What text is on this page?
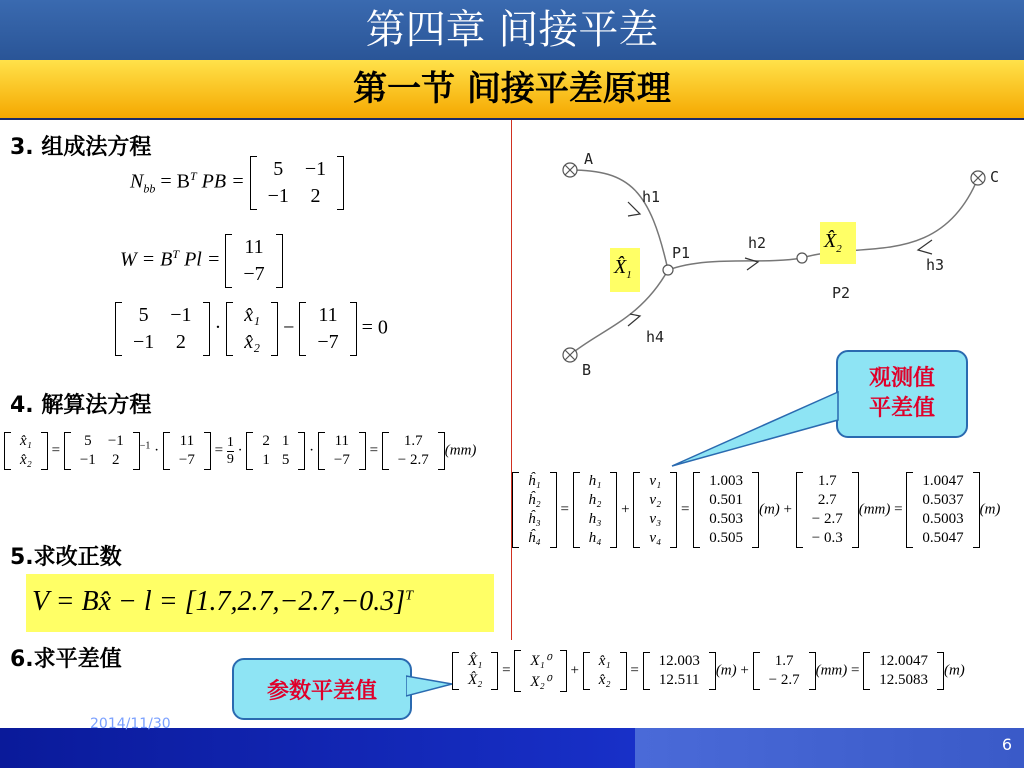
第四章 间接平差
第一节 间接平差原理
3. 组成法方程
$N_{bb} = B^T$ PB =
5	−1
−1	2
$W = B^T$ Pl =
11
−7
5	−1
−1	2
·
x̂₁
x̂₂
−
11
−7
= 0
4. 解算法方程
x̂₁
x̂₂
=
5	−1
−1	2
$^{-1}$ ·
11
−7
= $\frac{1}{9}$ ·
2	1
1	5
·
11
−7
=
1.7
− 2.7
(mm)
5.求改正数
V = Bx̂ − $l = [1.7,2.7,-2.7,-0.3]^T$
6.求平差值
参数平差值
X̂₁
X̂₂
=
X₁⁰
X₂⁰
+
x̂₁
x̂₂
=
12.003
12.511
(m) +
1.7
− 2.7
(mm) =
12.0047
12.5083
(m)
A
B
C
P1
P2
h1
h2
h3
h4
$X̂_1$
$X̂_2$
观测值
平差值
ĥ₁
ĥ₂
ĥ₃
ĥ₄
=
h₁
h₂
h₃
h₄
+
v₁
v₂
v₃
v₄
=
1.003
0.501
0.503
0.505
(m) +
1.7
2.7
− 2.7
− 0.3
(mm) =
1.0047
0.5037
0.5003
0.5047
(m)
2014/11/30
6
